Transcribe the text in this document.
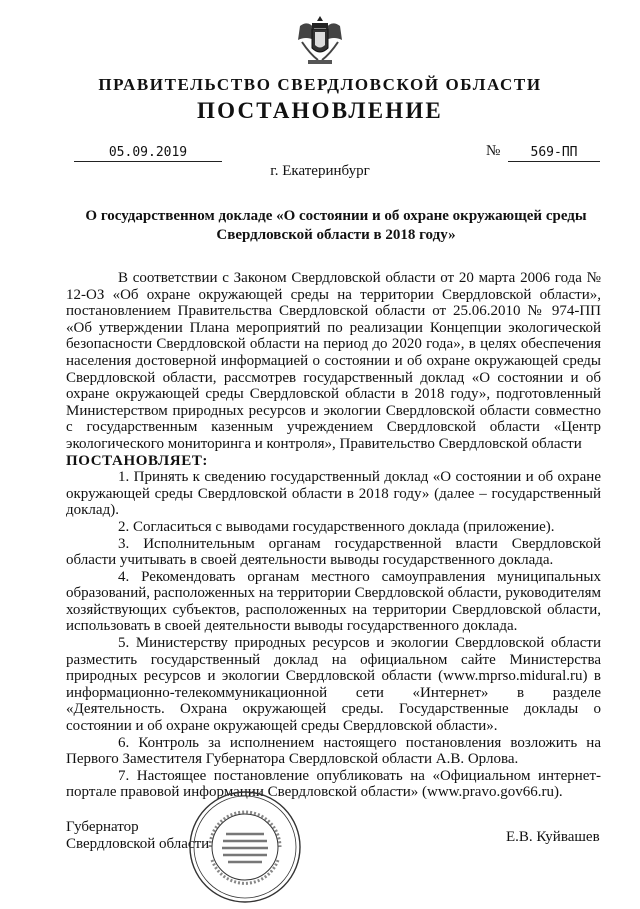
ПРАВИТЕЛЬСТВО СВЕРДЛОВСКОЙ ОБЛАСТИ
ПОСТАНОВЛЕНИЕ
05.09.2019	№	569-ПП
г. Екатеринбург
О государственном докладе «О состоянии и об охране окружающей среды Свердловской области в 2018 году»

В соответствии с Законом Свердловской области от 20 марта 2006 года № 12-ОЗ «Об охране окружающей среды на территории Свердловской области», постановлением Правительства Свердловской области от 25.06.2010 № 974-ПП «Об утверждении Плана мероприятий по реализации Концепции экологической безопасности Свердловской области на период до 2020 года», в целях обеспечения населения достоверной информацией о состоянии и об охране окружающей среды Свердловской области, рассмотрев государственный доклад «О состоянии и об охране окружающей среды Свердловской области в 2018 году», подготовленный Министерством природных ресурсов и экологии Свердловской области совместно с государственным казенным учреждением Свердловской области «Центр экологического мониторинга и контроля», Правительство Свердловской области

ПОСТАНОВЛЯЕТ:

1. Принять к сведению государственный доклад «О состоянии и об охране окружающей среды Свердловской области в 2018 году» (далее – государственный доклад).

2. Согласиться с выводами государственного доклада (приложение).

3. Исполнительным органам государственной власти Свердловской области учитывать в своей деятельности выводы государственного доклада.

4. Рекомендовать органам местного самоуправления муниципальных образований, расположенных на территории Свердловской области, руководителям хозяйствующих субъектов, расположенных на территории Свердловской области, использовать в своей деятельности выводы государственного доклада.

5. Министерству природных ресурсов и экологии Свердловской области разместить государственный доклад на официальном сайте Министерства природных ресурсов и экологии Свердловской области (www.mprso.midural.ru) в информационно-телекоммуникационной сети «Интернет» в разделе «Деятельность. Охрана окружающей среды. Государственные доклады о состоянии и об охране окружающей среды Свердловской области».

6. Контроль за исполнением настоящего постановления возложить на Первого Заместителя Губернатора Свердловской области А.В. Орлова.

7. Настоящее постановление опубликовать на «Официальном интернет-портале правовой информации Свердловской области» (www.pravo.gov66.ru).

Губернатор
Свердловской области	Е.В. Куйвашев
